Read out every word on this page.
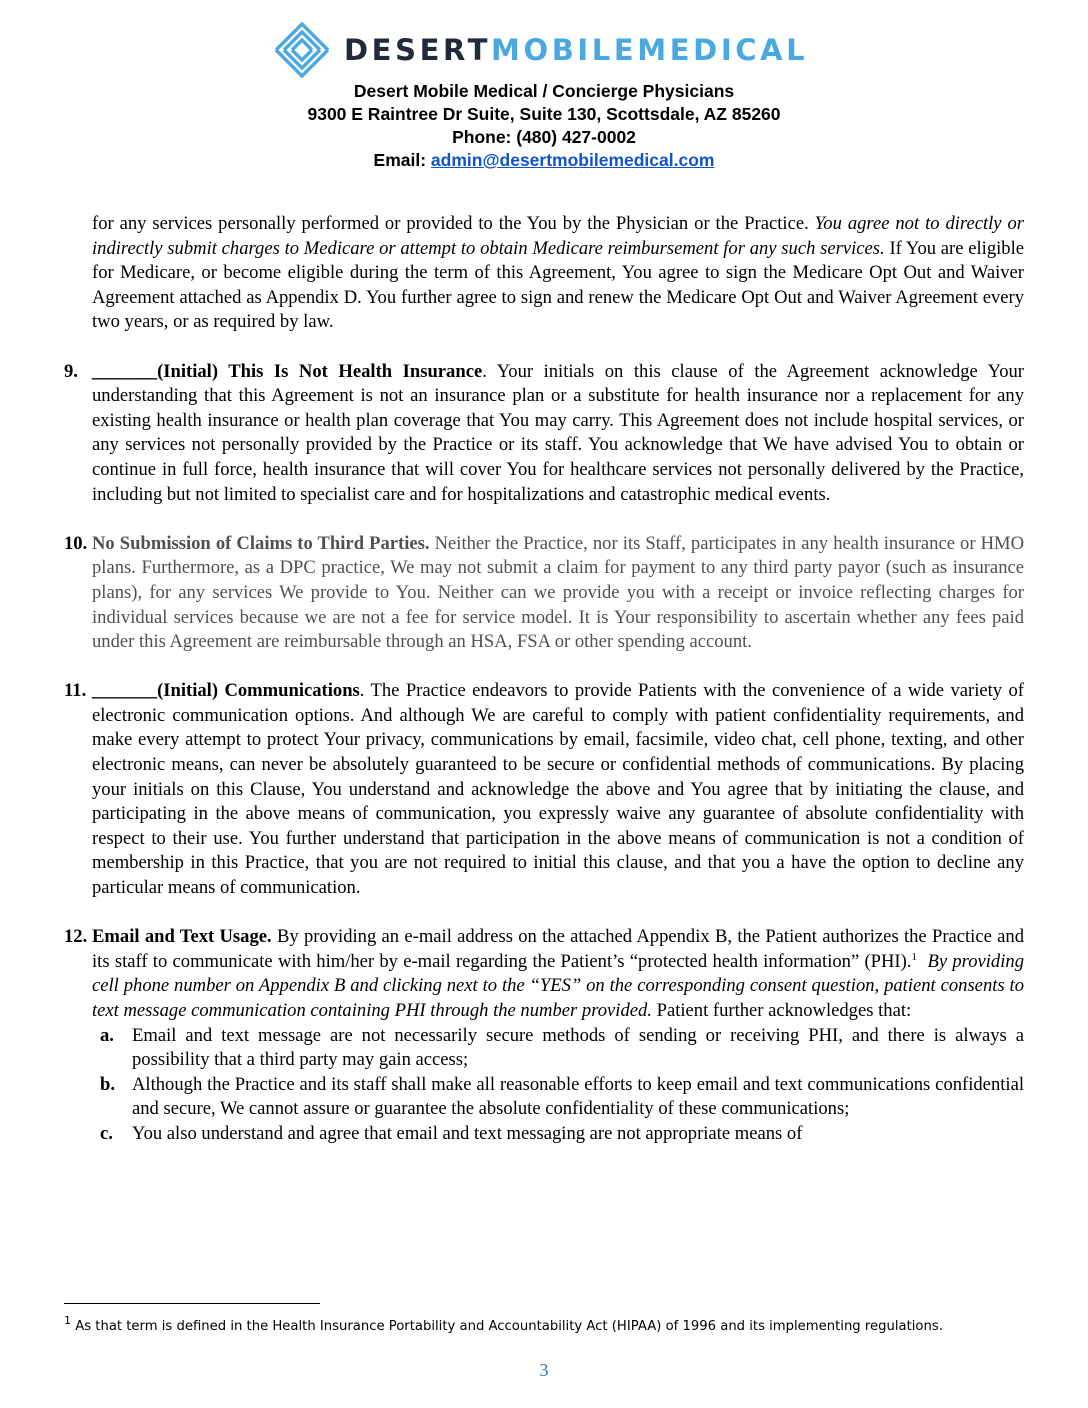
DESERTMOBILEMEDICAL
Desert Mobile Medical / Concierge Physicians
9300 E Raintree Dr Suite, Suite 130, Scottsdale, AZ 85260
Phone: (480) 427-0002
Email: admin@desertmobilemedical.com
for any services personally performed or provided to the You by the Physician or the Practice. You agree not to directly or indirectly submit charges to Medicare or attempt to obtain Medicare reimbursement for any such services. If You are eligible for Medicare, or become eligible during the term of this Agreement, You agree to sign the Medicare Opt Out and Waiver Agreement attached as Appendix D. You further agree to sign and renew the Medicare Opt Out and Waiver Agreement every two years, or as required by law.
9. _______(Initial) This Is Not Health Insurance. Your initials on this clause of the Agreement acknowledge Your understanding that this Agreement is not an insurance plan or a substitute for health insurance nor a replacement for any existing health insurance or health plan coverage that You may carry. This Agreement does not include hospital services, or any services not personally provided by the Practice or its staff. You acknowledge that We have advised You to obtain or continue in full force, health insurance that will cover You for healthcare services not personally delivered by the Practice, including but not limited to specialist care and for hospitalizations and catastrophic medical events.
10. No Submission of Claims to Third Parties. Neither the Practice, nor its Staff, participates in any health insurance or HMO plans. Furthermore, as a DPC practice, We may not submit a claim for payment to any third party payor (such as insurance plans), for any services We provide to You. Neither can we provide you with a receipt or invoice reflecting charges for individual services because we are not a fee for service model. It is Your responsibility to ascertain whether any fees paid under this Agreement are reimbursable through an HSA, FSA or other spending account.
11. _______(Initial) Communications. The Practice endeavors to provide Patients with the convenience of a wide variety of electronic communication options. And although We are careful to comply with patient confidentiality requirements, and make every attempt to protect Your privacy, communications by email, facsimile, video chat, cell phone, texting, and other electronic means, can never be absolutely guaranteed to be secure or confidential methods of communications. By placing your initials on this Clause, You understand and acknowledge the above and You agree that by initiating the clause, and participating in the above means of communication, you expressly waive any guarantee of absolute confidentiality with respect to their use. You further understand that participation in the above means of communication is not a condition of membership in this Practice, that you are not required to initial this clause, and that you a have the option to decline any particular means of communication.
12. Email and Text Usage. By providing an e-mail address on the attached Appendix B, the Patient authorizes the Practice and its staff to communicate with him/her by e-mail regarding the Patient’s “protected health information” (PHI).$^1$ By providing cell phone number on Appendix B and clicking next to the “YES” on the corresponding consent question, patient consents to text message communication containing PHI through the number provided. Patient further acknowledges that:
a. Email and text message are not necessarily secure methods of sending or receiving PHI, and there is always a possibility that a third party may gain access;
b. Although the Practice and its staff shall make all reasonable efforts to keep email and text communications confidential and secure, We cannot assure or guarantee the absolute confidentiality of these communications;
c. You also understand and agree that email and text messaging are not appropriate means of
$^1$ As that term is defined in the Health Insurance Portability and Accountability Act (HIPAA) of 1996 and its implementing regulations.
3
